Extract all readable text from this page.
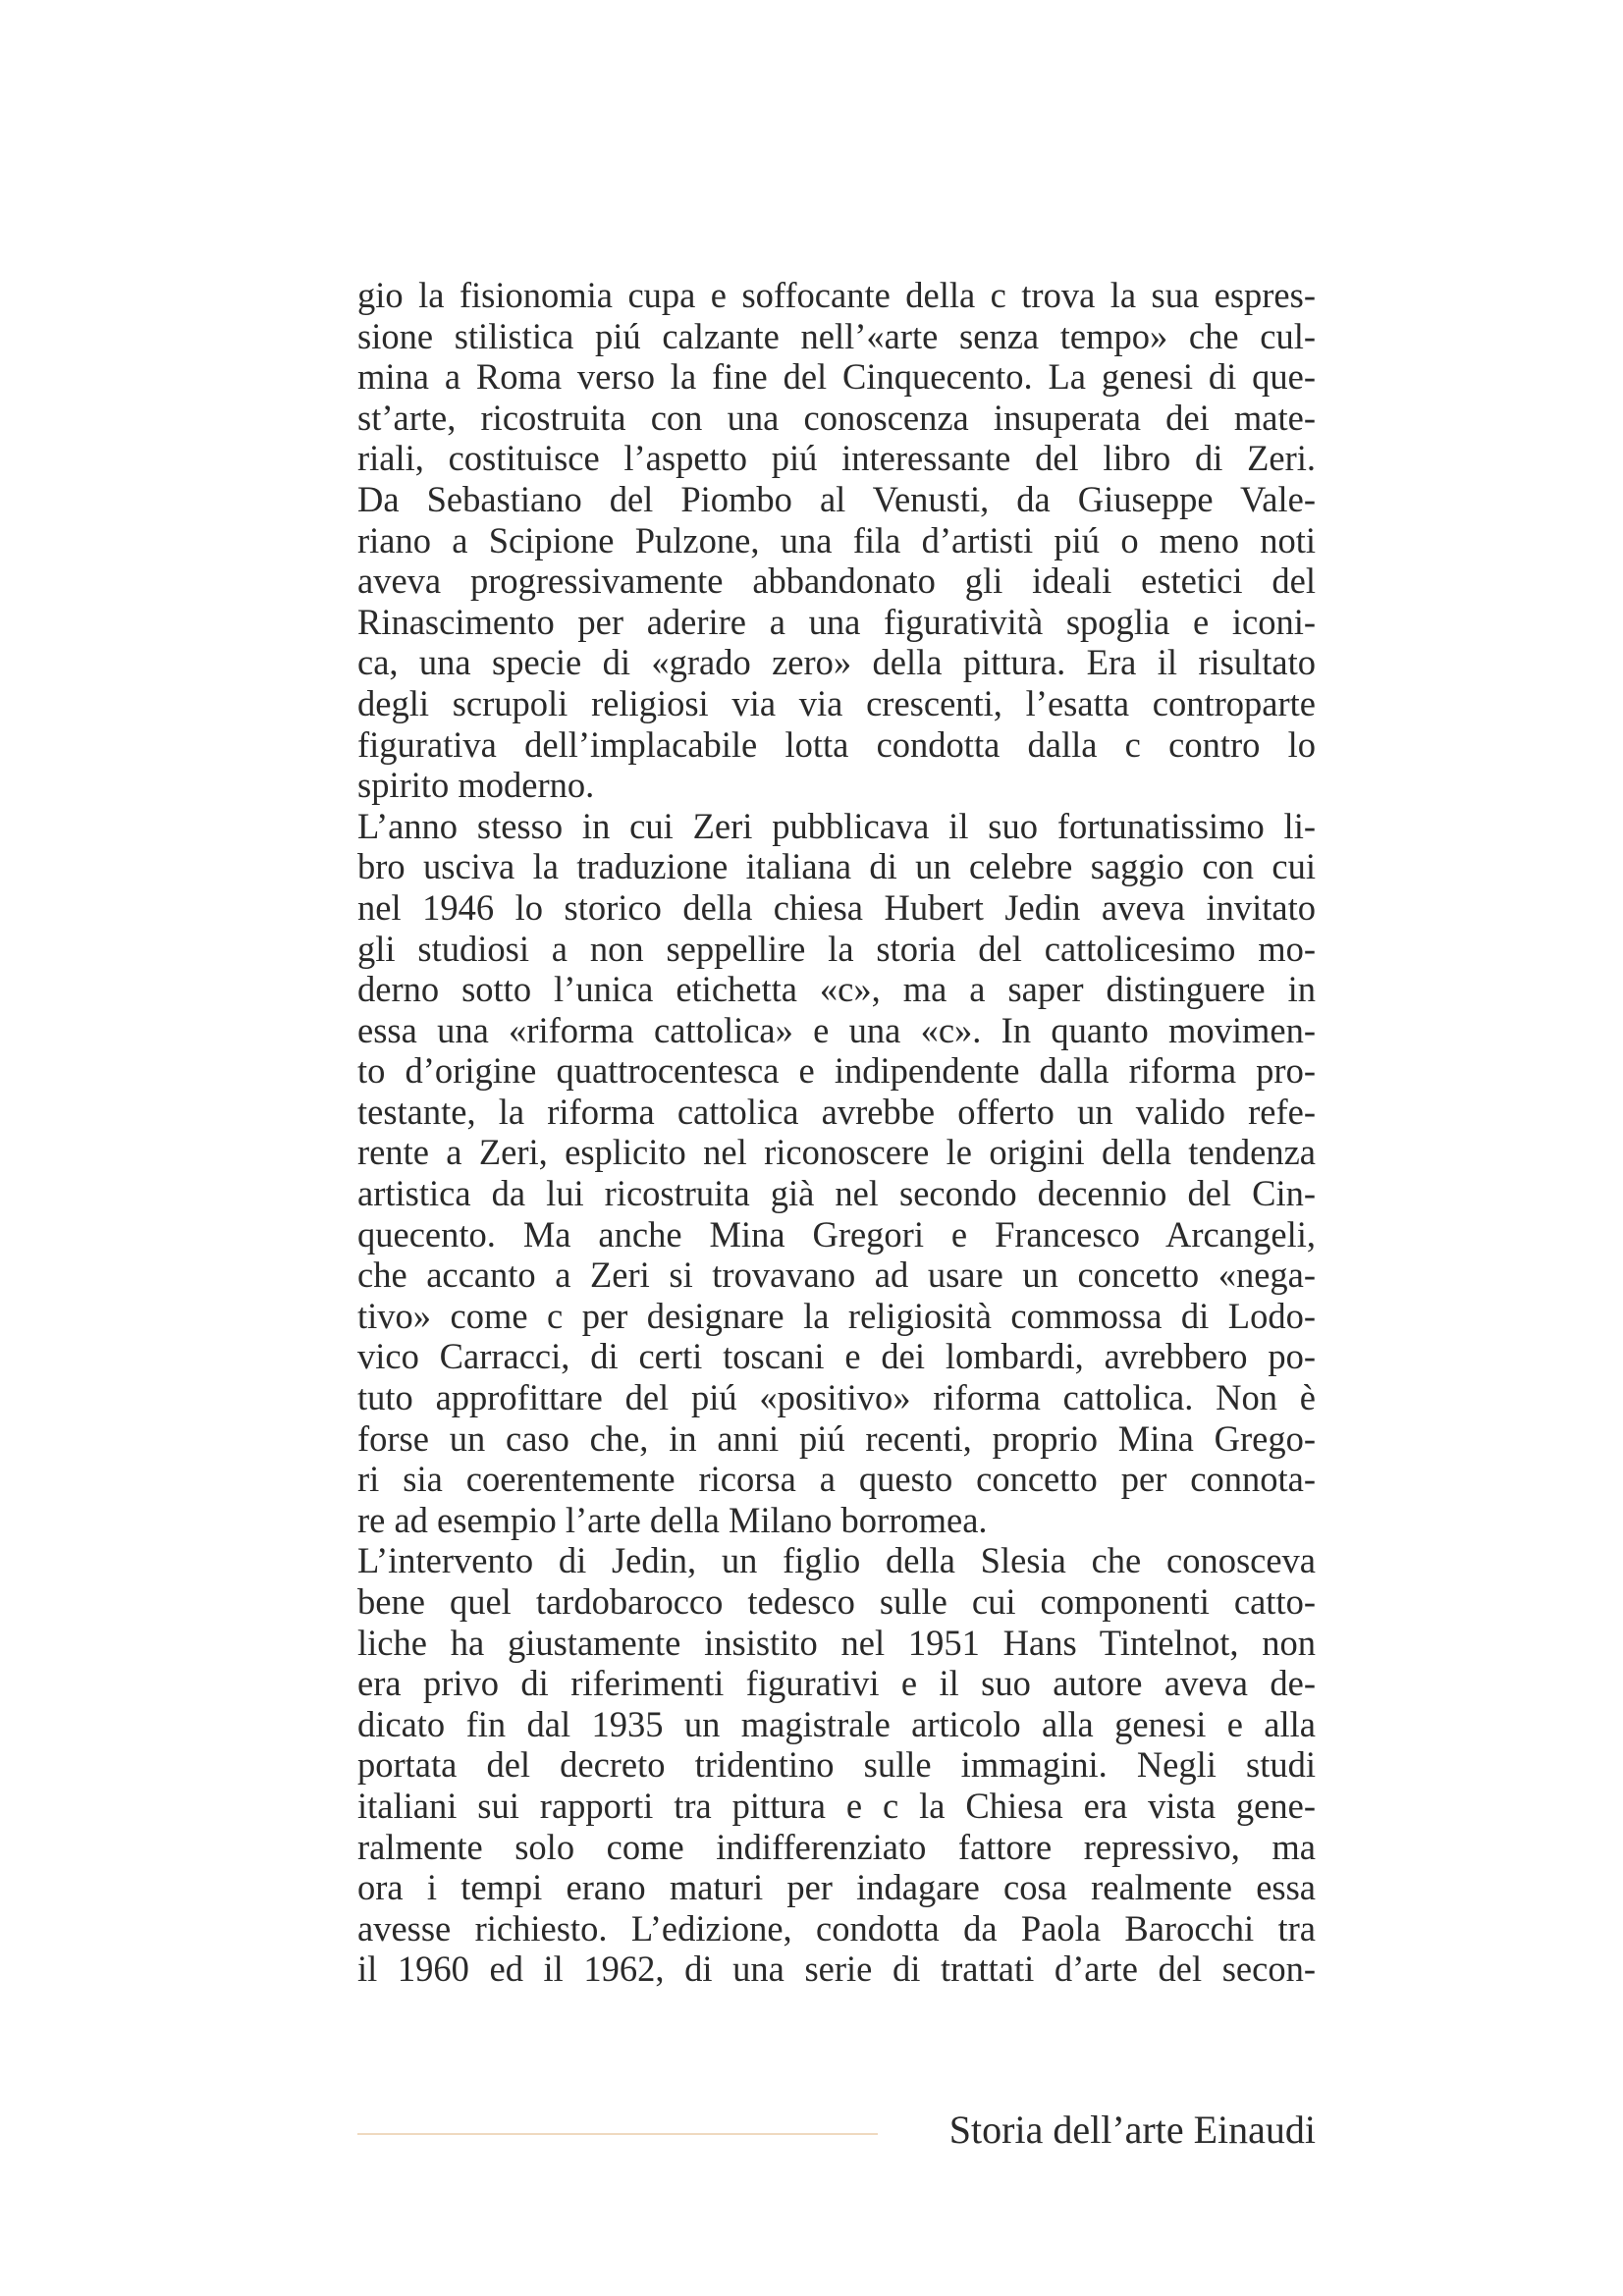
gio la fisionomia cupa e soffocante della c trova la sua espres-
sione stilistica piú calzante nell’«arte senza tempo» che cul-
mina a Roma verso la fine del Cinquecento. La genesi di que-
st’arte, ricostruita con una conoscenza insuperata dei mate-
riali, costituisce l’aspetto piú interessante del libro di Zeri.
Da Sebastiano del Piombo al Venusti, da Giuseppe Vale-
riano a Scipione Pulzone, una fila d’artisti piú o meno noti
aveva progressivamente abbandonato gli ideali estetici del
Rinascimento per aderire a una figuratività spoglia e iconi-
ca, una specie di «grado zero» della pittura. Era il risultato
degli scrupoli religiosi via via crescenti, l’esatta controparte
figurativa dell’implacabile lotta condotta dalla c contro lo
spirito moderno.
L’anno stesso in cui Zeri pubblicava il suo fortunatissimo li-
bro usciva la traduzione italiana di un celebre saggio con cui
nel 1946 lo storico della chiesa Hubert Jedin aveva invitato
gli studiosi a non seppellire la storia del cattolicesimo mo-
derno sotto l’unica etichetta «c», ma a saper distinguere in
essa una «riforma cattolica» e una «c». In quanto movimen-
to d’origine quattrocentesca e indipendente dalla riforma pro-
testante, la riforma cattolica avrebbe offerto un valido refe-
rente a Zeri, esplicito nel riconoscere le origini della tendenza
artistica da lui ricostruita già nel secondo decennio del Cin-
quecento. Ma anche Mina Gregori e Francesco Arcangeli,
che accanto a Zeri si trovavano ad usare un concetto «nega-
tivo» come c per designare la religiosità commossa di Lodo-
vico Carracci, di certi toscani e dei lombardi, avrebbero po-
tuto approfittare del piú «positivo» riforma cattolica. Non è
forse un caso che, in anni piú recenti, proprio Mina Grego-
ri sia coerentemente ricorsa a questo concetto per connota-
re ad esempio l’arte della Milano borromea.
L’intervento di Jedin, un figlio della Slesia che conosceva
bene quel tardobarocco tedesco sulle cui componenti catto-
liche ha giustamente insistito nel 1951 Hans Tintelnot, non
era privo di riferimenti figurativi e il suo autore aveva de-
dicato fin dal 1935 un magistrale articolo alla genesi e alla
portata del decreto tridentino sulle immagini. Negli studi
italiani sui rapporti tra pittura e c la Chiesa era vista gene-
ralmente solo come indifferenziato fattore repressivo, ma
ora i tempi erano maturi per indagare cosa realmente essa
avesse richiesto. L’edizione, condotta da Paola Barocchi tra
il 1960 ed il 1962, di una serie di trattati d’arte del secon-
Storia dell’arte Einaudi
